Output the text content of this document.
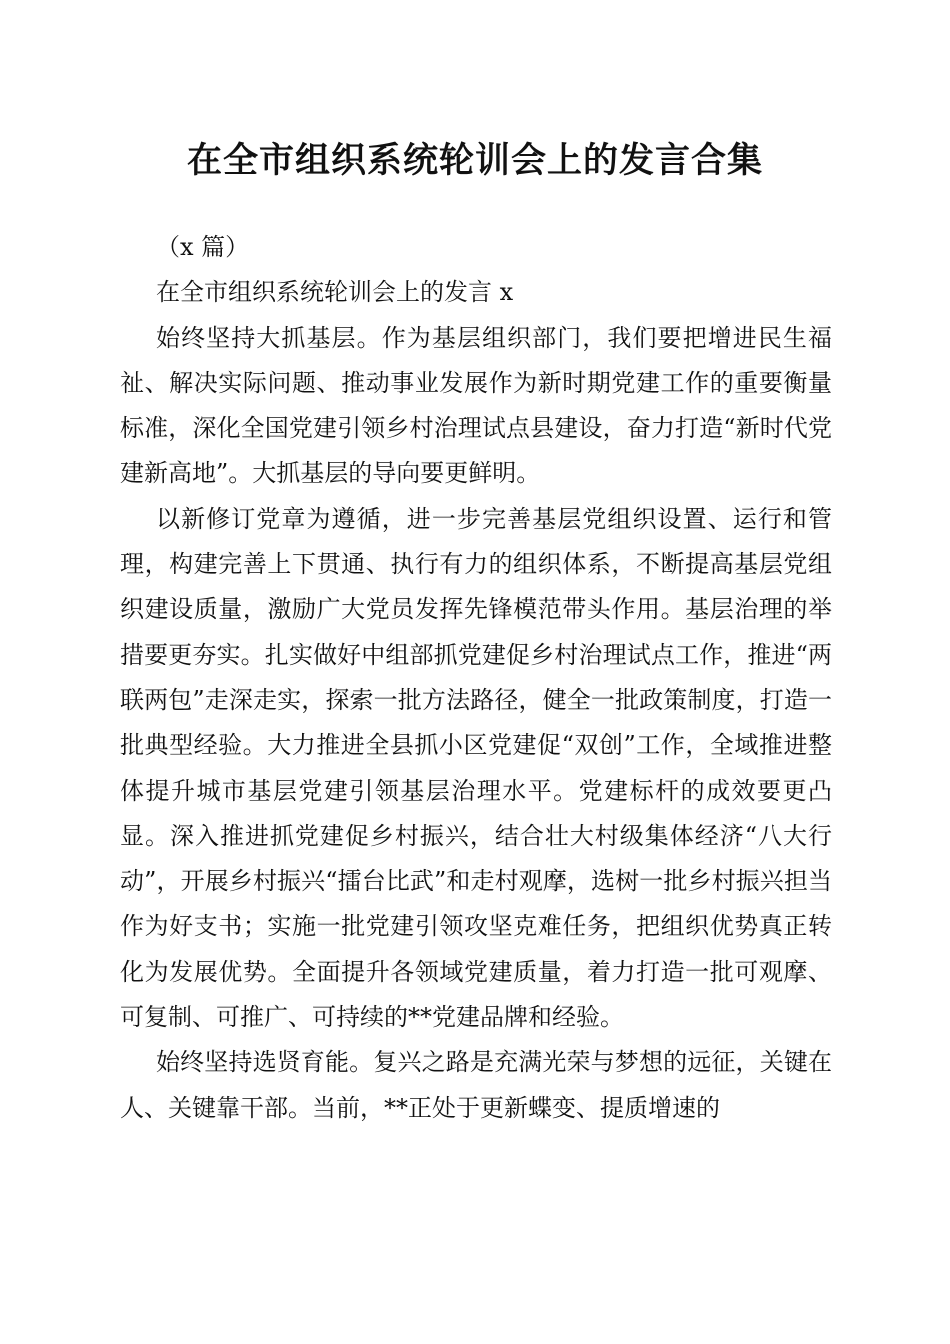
在全市组织系统轮训会上的发言合集

（x 篇）

在全市组织系统轮训会上的发言 x

始终坚持大抓基层。作为基层组织部门，我们要把增进民生福祉、解决实际问题、推动事业发展作为新时期党建工作的重要衡量标准，深化全国党建引领乡村治理试点县建设，奋力打造“新时代党建新高地”。大抓基层的导向要更鲜明。

以新修订党章为遵循，进一步完善基层党组织设置、运行和管理，构建完善上下贯通、执行有力的组织体系，不断提高基层党组织建设质量，激励广大党员发挥先锋模范带头作用。基层治理的举措要更夯实。扎实做好中组部抓党建促乡村治理试点工作，推进“两联两包”走深走实，探索一批方法路径，健全一批政策制度，打造一批典型经验。大力推进全县抓小区党建促“双创”工作，全域推进整体提升城市基层党建引领基层治理水平。党建标杆的成效要更凸显。深入推进抓党建促乡村振兴，结合壮大村级集体经济“八大行动”，开展乡村振兴“擂台比武”和走村观摩，选树一批乡村振兴担当作为好支书；实施一批党建引领攻坚克难任务，把组织优势真正转化为发展优势。全面提升各领域党建质量，着力打造一批可观摩、可复制、可推广、可持续的**党建品牌和经验。

始终坚持选贤育能。复兴之路是充满光荣与梦想的远征，关键在人、关键靠干部。当前，**正处于更新蝶变、提质增速的
